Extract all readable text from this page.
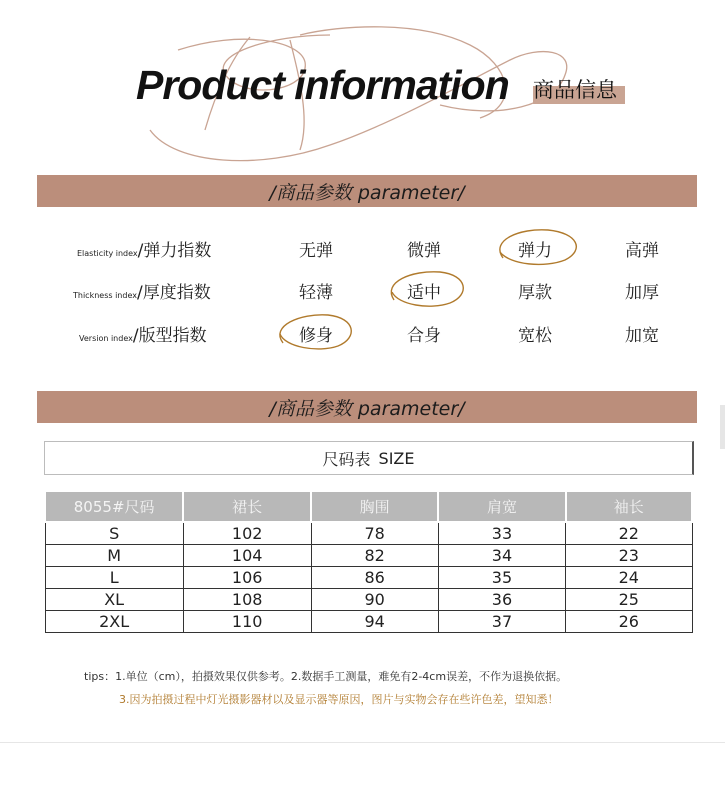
Product information 商品信息
/商品参数 parameter/
Elasticity index/弹力指数	无弹	微弹	弹力	高弹
Thickness index/厚度指数	轻薄	适中	厚款	加厚
Version index/版型指数	修身	合身	宽松	加宽
/商品参数 parameter/
尺码表 SIZE
8055#尺码	裙长	胸围	肩宽	袖长
S	102	78	33	22
M	104	82	34	23
L	106	86	35	24
XL	108	90	36	25
2XL	110	94	37	26
tips：1.单位（cm），拍摄效果仅供参考。2.数据手工测量，难免有2-4cm误差，不作为退换依据。
3.因为拍摄过程中灯光摄影器材以及显示器等原因，图片与实物会存在些许色差，望知悉！
